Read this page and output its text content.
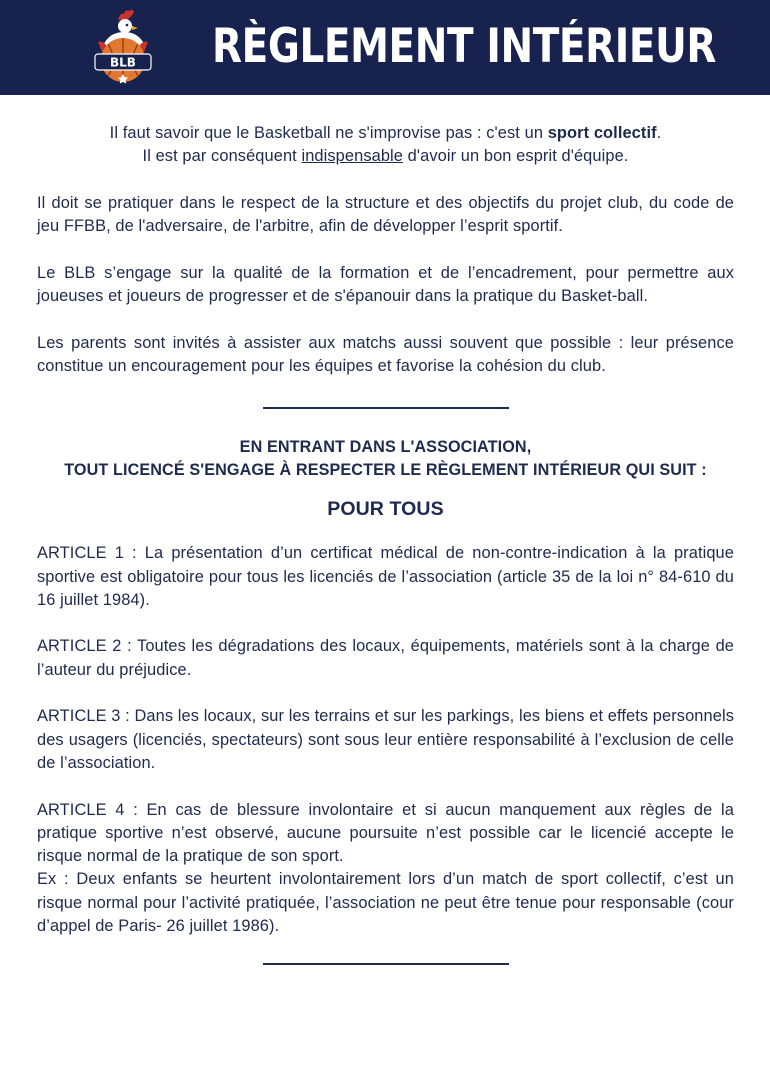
BLB RÈGLEMENT INTÉRIEUR

Il faut savoir que le Basketball ne s'improvise pas : c'est un sport collectif.

Il est par conséquent indispensable d'avoir un bon esprit d'équipe.

Il doit se pratiquer dans le respect de la structure et des objectifs du projet club, du code de jeu FFBB, de l'adversaire, de l'arbitre, afin de développer l’esprit sportif.

Le BLB s’engage sur la qualité de la formation et de l’encadrement, pour permettre aux joueuses et joueurs de progresser et de s'épanouir dans la pratique du Basket-ball.

Les parents sont invités à assister aux matchs aussi souvent que possible : leur présence constitue un encouragement pour les équipes et favorise la cohésion du club.

EN ENTRANT DANS L'ASSOCIATION,

TOUT LICENCÉ S'ENGAGE À RESPECTER LE RÈGLEMENT INTÉRIEUR QUI SUIT :

POUR TOUS

ARTICLE 1 : La présentation d’un certificat médical de non-contre-indication à la pratique sportive est obligatoire pour tous les licenciés de l’association (article 35 de la loi n° 84-610 du 16 juillet 1984).

ARTICLE 2 : Toutes les dégradations des locaux, équipements, matériels sont à la charge de l’auteur du préjudice.

ARTICLE 3 : Dans les locaux, sur les terrains et sur les parkings, les biens et effets personnels des usagers (licenciés, spectateurs) sont sous leur entière responsabilité à l’exclusion de celle de l’association.

ARTICLE 4 : En cas de blessure involontaire et si aucun manquement aux règles de la pratique sportive n’est observé, aucune poursuite n’est possible car le licencié accepte le risque normal de la pratique de son sport.

Ex : Deux enfants se heurtent involontairement lors d’un match de sport collectif, c’est un risque normal pour l’activité pratiquée, l’association ne peut être tenue pour responsable (cour d’appel de Paris- 26 juillet 1986).
